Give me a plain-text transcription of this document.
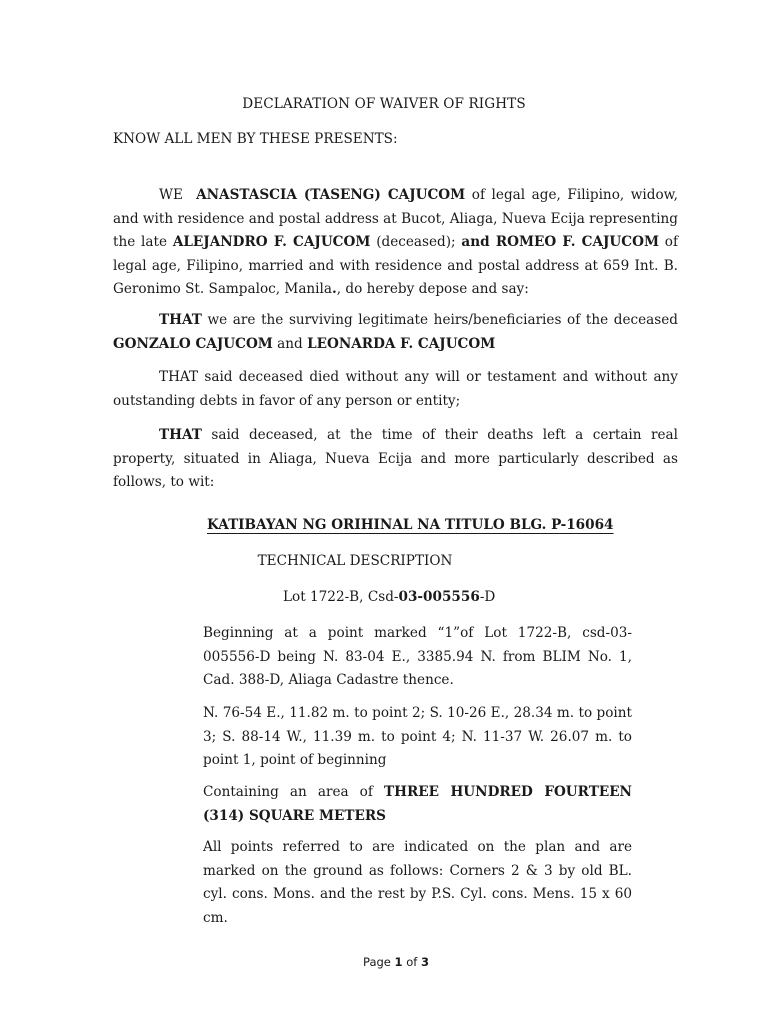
DECLARATION OF WAIVER OF RIGHTS
KNOW ALL MEN BY THESE PRESENTS:
WE ANASTASCIA (TASENG) CAJUCOM of legal age, Filipino, widow, and with residence and postal address at Bucot, Aliaga, Nueva Ecija representing the late ALEJANDRO F. CAJUCOM (deceased); and ROMEO F. CAJUCOM of legal age, Filipino, married and with residence and postal address at 659 Int. B. Geronimo St. Sampaloc, Manila., do hereby depose and say:
THAT we are the surviving legitimate heirs/beneficiaries of the deceased GONZALO CAJUCOM and LEONARDA F. CAJUCOM
THAT said deceased died without any will or testament and without any outstanding debts in favor of any person or entity;
THAT said deceased, at the time of their deaths left a certain real property, situated in Aliaga, Nueva Ecija and more particularly described as follows, to wit:
KATIBAYAN NG ORIHINAL NA TITULO BLG. P-16064
TECHNICAL DESCRIPTION
Lot 1722-B, Csd-03-005556-D
Beginning at a point marked “1”of Lot 1722-B, csd-03-005556-D being N. 83-04 E., 3385.94 N. from BLIM No. 1, Cad. 388-D, Aliaga Cadastre thence.
N. 76-54 E., 11.82 m. to point 2; S. 10-26 E., 28.34 m. to point 3; S. 88-14 W., 11.39 m. to point 4; N. 11-37 W. 26.07 m. to point 1, point of beginning
Containing an area of THREE HUNDRED FOURTEEN (314) SQUARE METERS
All points referred to are indicated on the plan and are marked on the ground as follows: Corners 2 & 3 by old BL. cyl. cons. Mons. and the rest by P.S. Cyl. cons. Mens. 15 x 60 cm.
Page 1 of 3
